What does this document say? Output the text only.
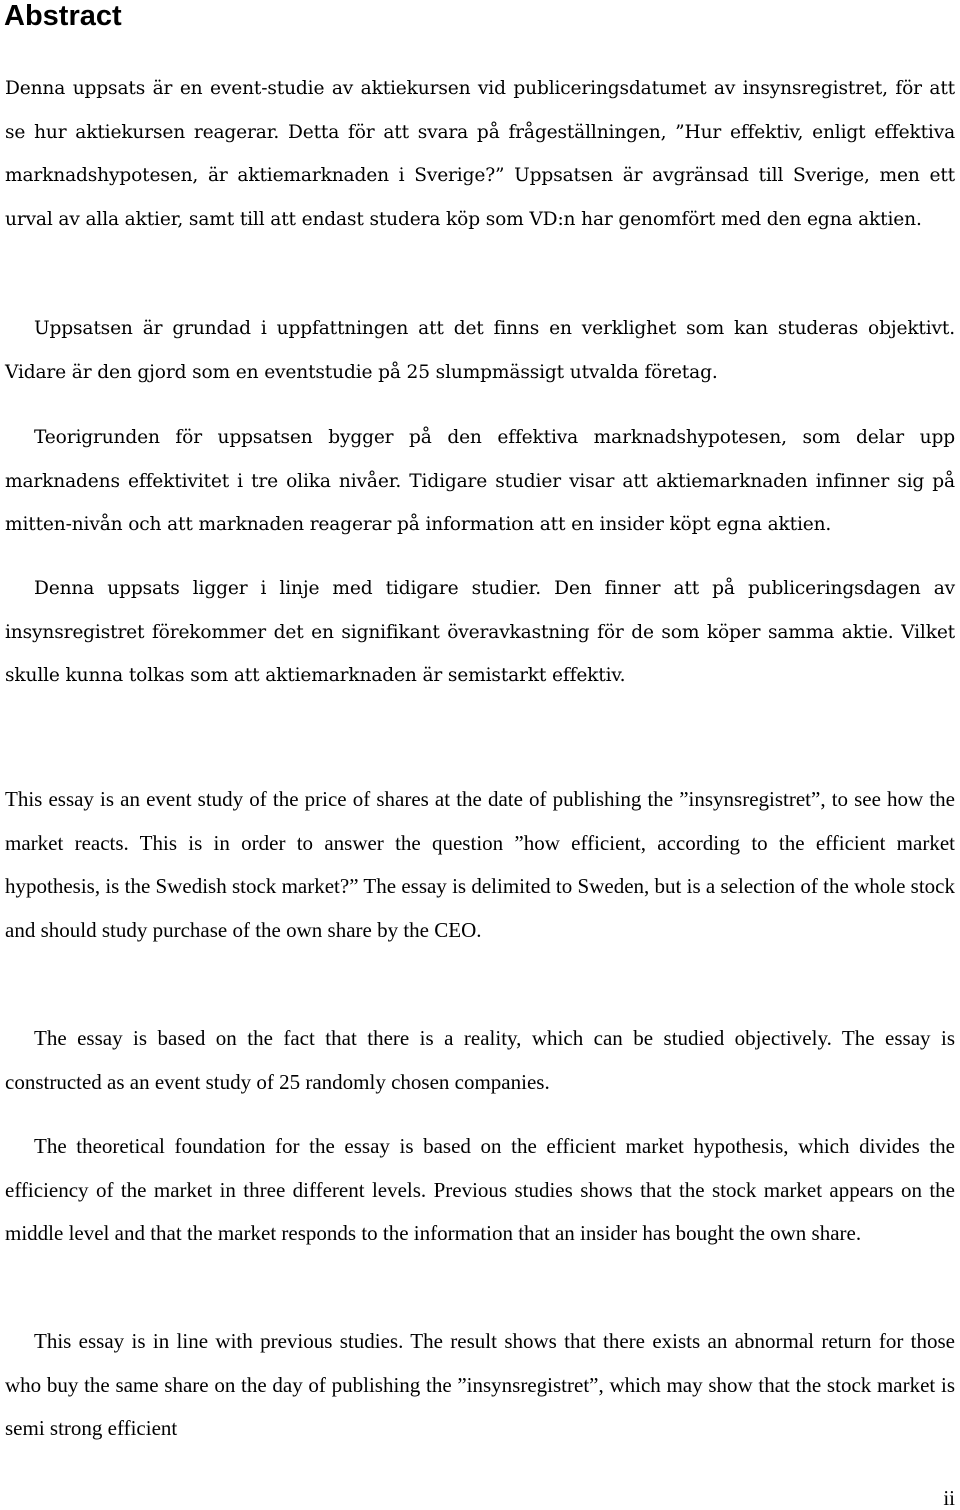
Abstract

Denna uppsats är en event-studie av aktiekursen vid publiceringsdatumet av insynsregistret, för att se hur aktiekursen reagerar. Detta för att svara på frågeställningen, ”Hur effektiv, enligt effektiva marknadshypotesen, är aktiemarknaden i Sverige?” Uppsatsen är avgränsad till Sverige, men ett urval av alla aktier, samt till att endast studera köp som VD:n har genomfört med den egna aktien.

Uppsatsen är grundad i uppfattningen att det finns en verklighet som kan studeras objektivt. Vidare är den gjord som en eventstudie på 25 slumpmässigt utvalda företag.

Teorigrunden för uppsatsen bygger på den effektiva marknadshypotesen, som delar upp marknadens effektivitet i tre olika nivåer. Tidigare studier visar att aktiemarknaden infinner sig på mitten-nivån och att marknaden reagerar på information att en insider köpt egna aktien.

Denna uppsats ligger i linje med tidigare studier. Den finner att på publiceringsdagen av insynsregistret förekommer det en signifikant överavkastning för de som köper samma aktie. Vilket skulle kunna tolkas som att aktiemarknaden är semistarkt effektiv.

This essay is an event study of the price of shares at the date of publishing the ”insynsregistret”, to see how the market reacts. This is in order to answer the question ”how efficient, according to the efficient market hypothesis, is the Swedish stock market?” The essay is delimited to Sweden, but is a selection of the whole stock and should study purchase of the own share by the CEO.

The essay is based on the fact that there is a reality, which can be studied objectively. The essay is constructed as an event study of 25 randomly chosen companies.

The theoretical foundation for the essay is based on the efficient market hypothesis, which divides the efficiency of the market in three different levels. Previous studies shows that the stock market appears on the middle level and that the market responds to the information that an insider has bought the own share.

This essay is in line with previous studies. The result shows that there exists an abnormal return for those who buy the same share on the day of publishing the ”insynsregistret”, which may show that the stock market is semi strong efficient

ii
